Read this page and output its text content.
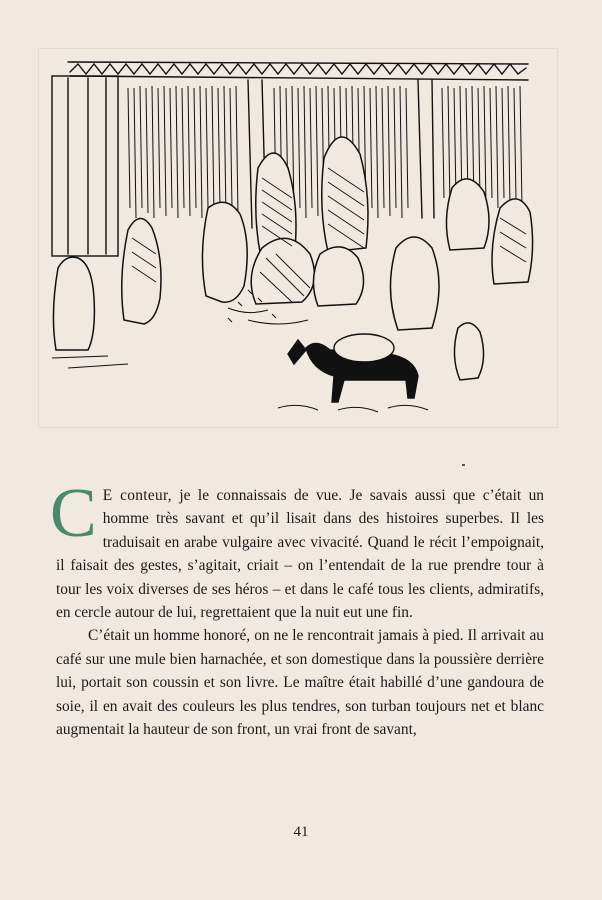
C E conteur, je le connaissais de vue. Je savais aussi que c’était un homme très savant et qu’il lisait dans des histoires superbes. Il les traduisait en arabe vulgaire avec vivacité. Quand le récit l’empoignait, il faisait des gestes, s’agitait, criait – on l’entendait de la rue prendre tour à tour les voix diverses de ses héros – et dans le café tous les clients, admiratifs, en cercle autour de lui, regrettaient que la nuit eut une fin.

C’était un homme honoré, on ne le rencontrait jamais à pied. Il arrivait au café sur une mule bien harnachée, et son domestique dans la poussière derrière lui, portait son coussin et son livre. Le maître était habillé d’une gandoura de soie, il en avait des couleurs les plus tendres, son turban toujours net et blanc augmentait la hauteur de son front, un vrai front de savant,

41
